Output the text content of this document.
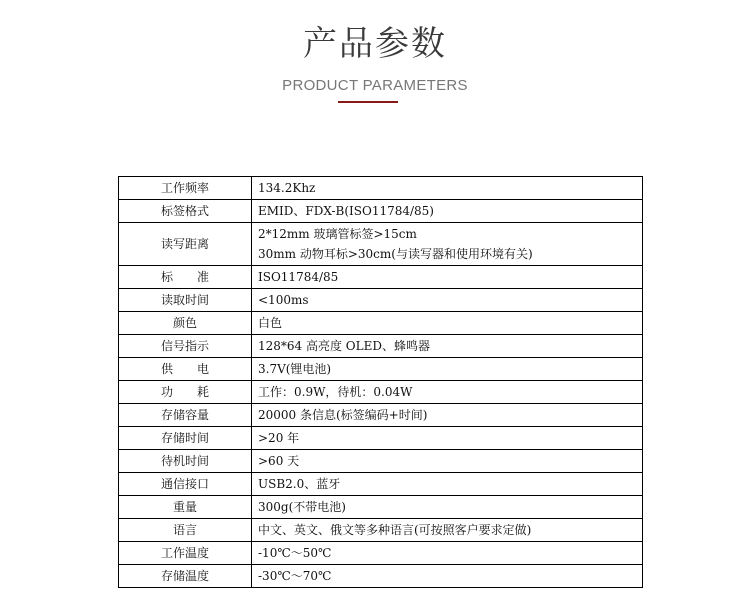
产品参数
PRODUCT PARAMETERS
工作频率	134.2Khz

标签格式	EMID、FDX-B(ISO11784/85)

读写距离	2*12mm 玻璃管标签>15cm
30mm 动物耳标>30cm(与读写器和使用环境有关)

标　　准	ISO11784/85

读取时间	<100ms

颜色	白色

信号指示	128*64 高亮度 OLED、蜂鸣器

供　　电	3.7V(锂电池)

功　　耗	工作：0.9W，待机：0.04W

存储容量	20000 条信息(标签编码+时间)

存储时间	>20 年

待机时间	>60 天

通信接口	USB2.0、蓝牙

重量	300g(不带电池)

语言	中文、英文、俄文等多种语言(可按照客户要求定做)

工作温度	-10℃～50℃

存储温度	-30℃～70℃
